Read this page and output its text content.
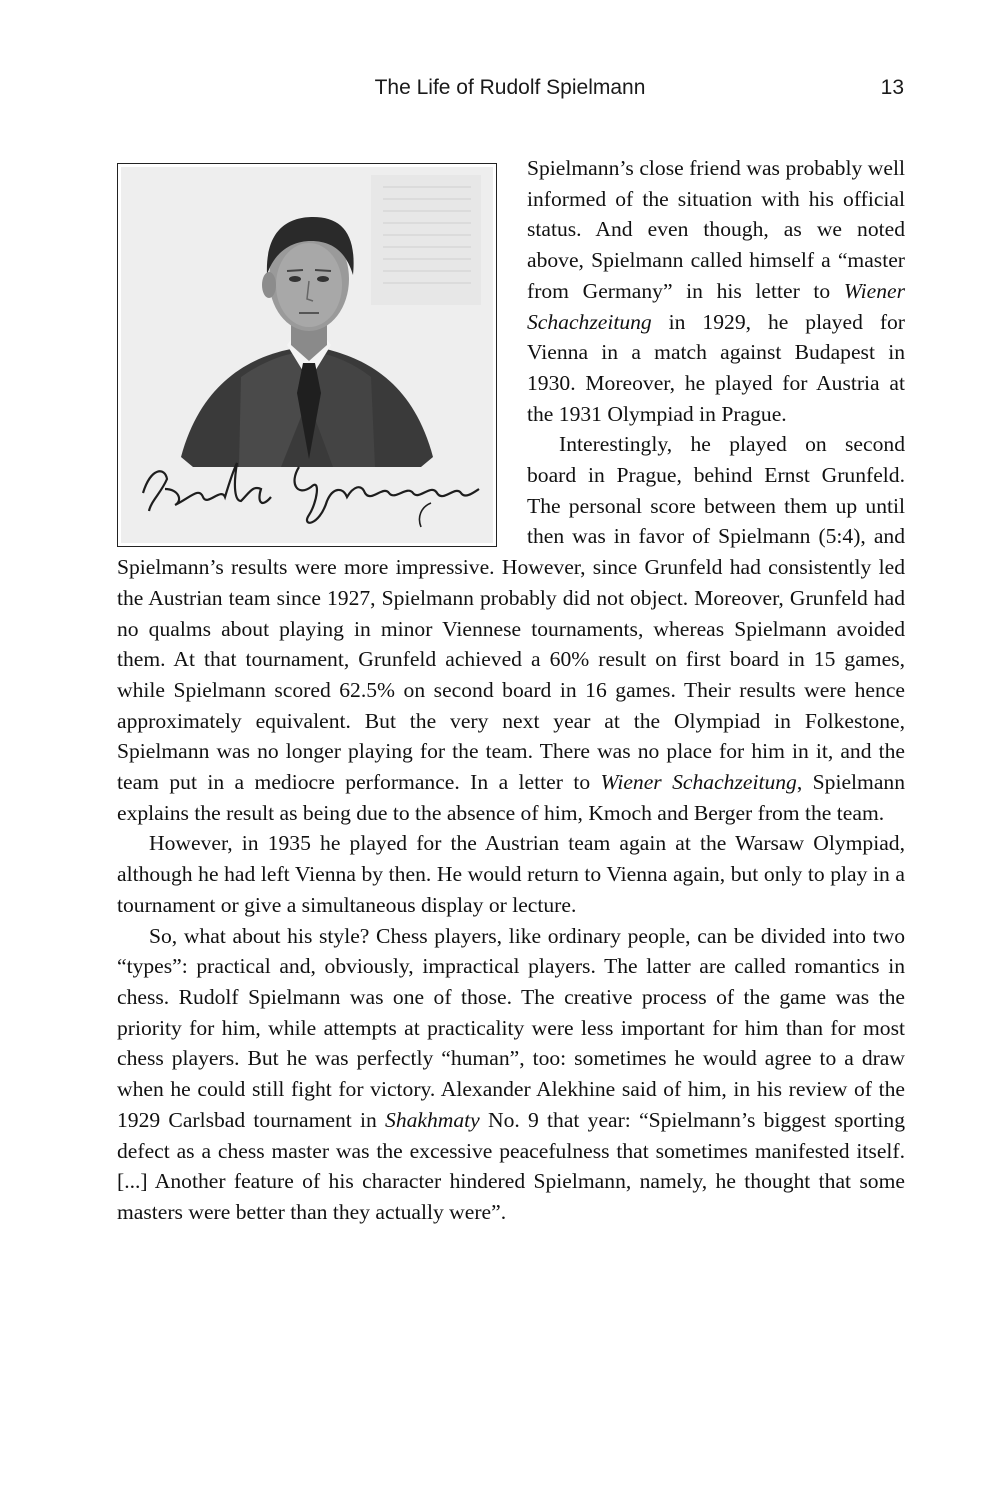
The Life of Rudolf Spielmann	13

Spielmann’s close friend was probably well informed of the situation with his official status. And even though, as we noted above, Spielmann called himself a “master from Germany” in his letter to Wiener Schachzeitung in 1929, he played for Vienna in a match against Budapest in 1930. Moreover, he played for Austria at the 1931 Olympiad in Prague.

Interestingly, he played on second board in Prague, behind Ernst Grunfeld. The personal score between them up until then was in favor of Spielmann (5:4), and Spielmann’s results were more impressive. However, since Grunfeld had consistently led the Austrian team since 1927, Spielmann probably did not object. Moreover, Grunfeld had no qualms about playing in minor Viennese tournaments, whereas Spielmann avoided them. At that tournament, Grunfeld achieved a 60% result on first board in 15 games, while Spielmann scored 62.5% on second board in 16 games. Their results were hence approximately equivalent. But the very next year at the Olympiad in Folkestone, Spielmann was no longer playing for the team. There was no place for him in it, and the team put in a mediocre performance. In a letter to Wiener Schachzeitung, Spielmann explains the result as being due to the absence of him, Kmoch and Berger from the team.

However, in 1935 he played for the Austrian team again at the Warsaw Olympiad, although he had left Vienna by then. He would return to Vienna again, but only to play in a tournament or give a simultaneous display or lecture.

So, what about his style? Chess players, like ordinary people, can be divided into two “types”: practical and, obviously, impractical players. The latter are called romantics in chess. Rudolf Spielmann was one of those. The creative process of the game was the priority for him, while attempts at practicality were less important for him than for most chess players. But he was perfectly “human”, too: sometimes he would agree to a draw when he could still fight for victory. Alexander Alekhine said of him, in his review of the 1929 Carlsbad tournament in Shakhmaty No. 9 that year: “Spielmann’s biggest sporting defect as a chess master was the excessive peacefulness that sometimes manifested itself. [...] Another feature of his character hindered Spielmann, namely, he thought that some masters were better than they actually were”.
